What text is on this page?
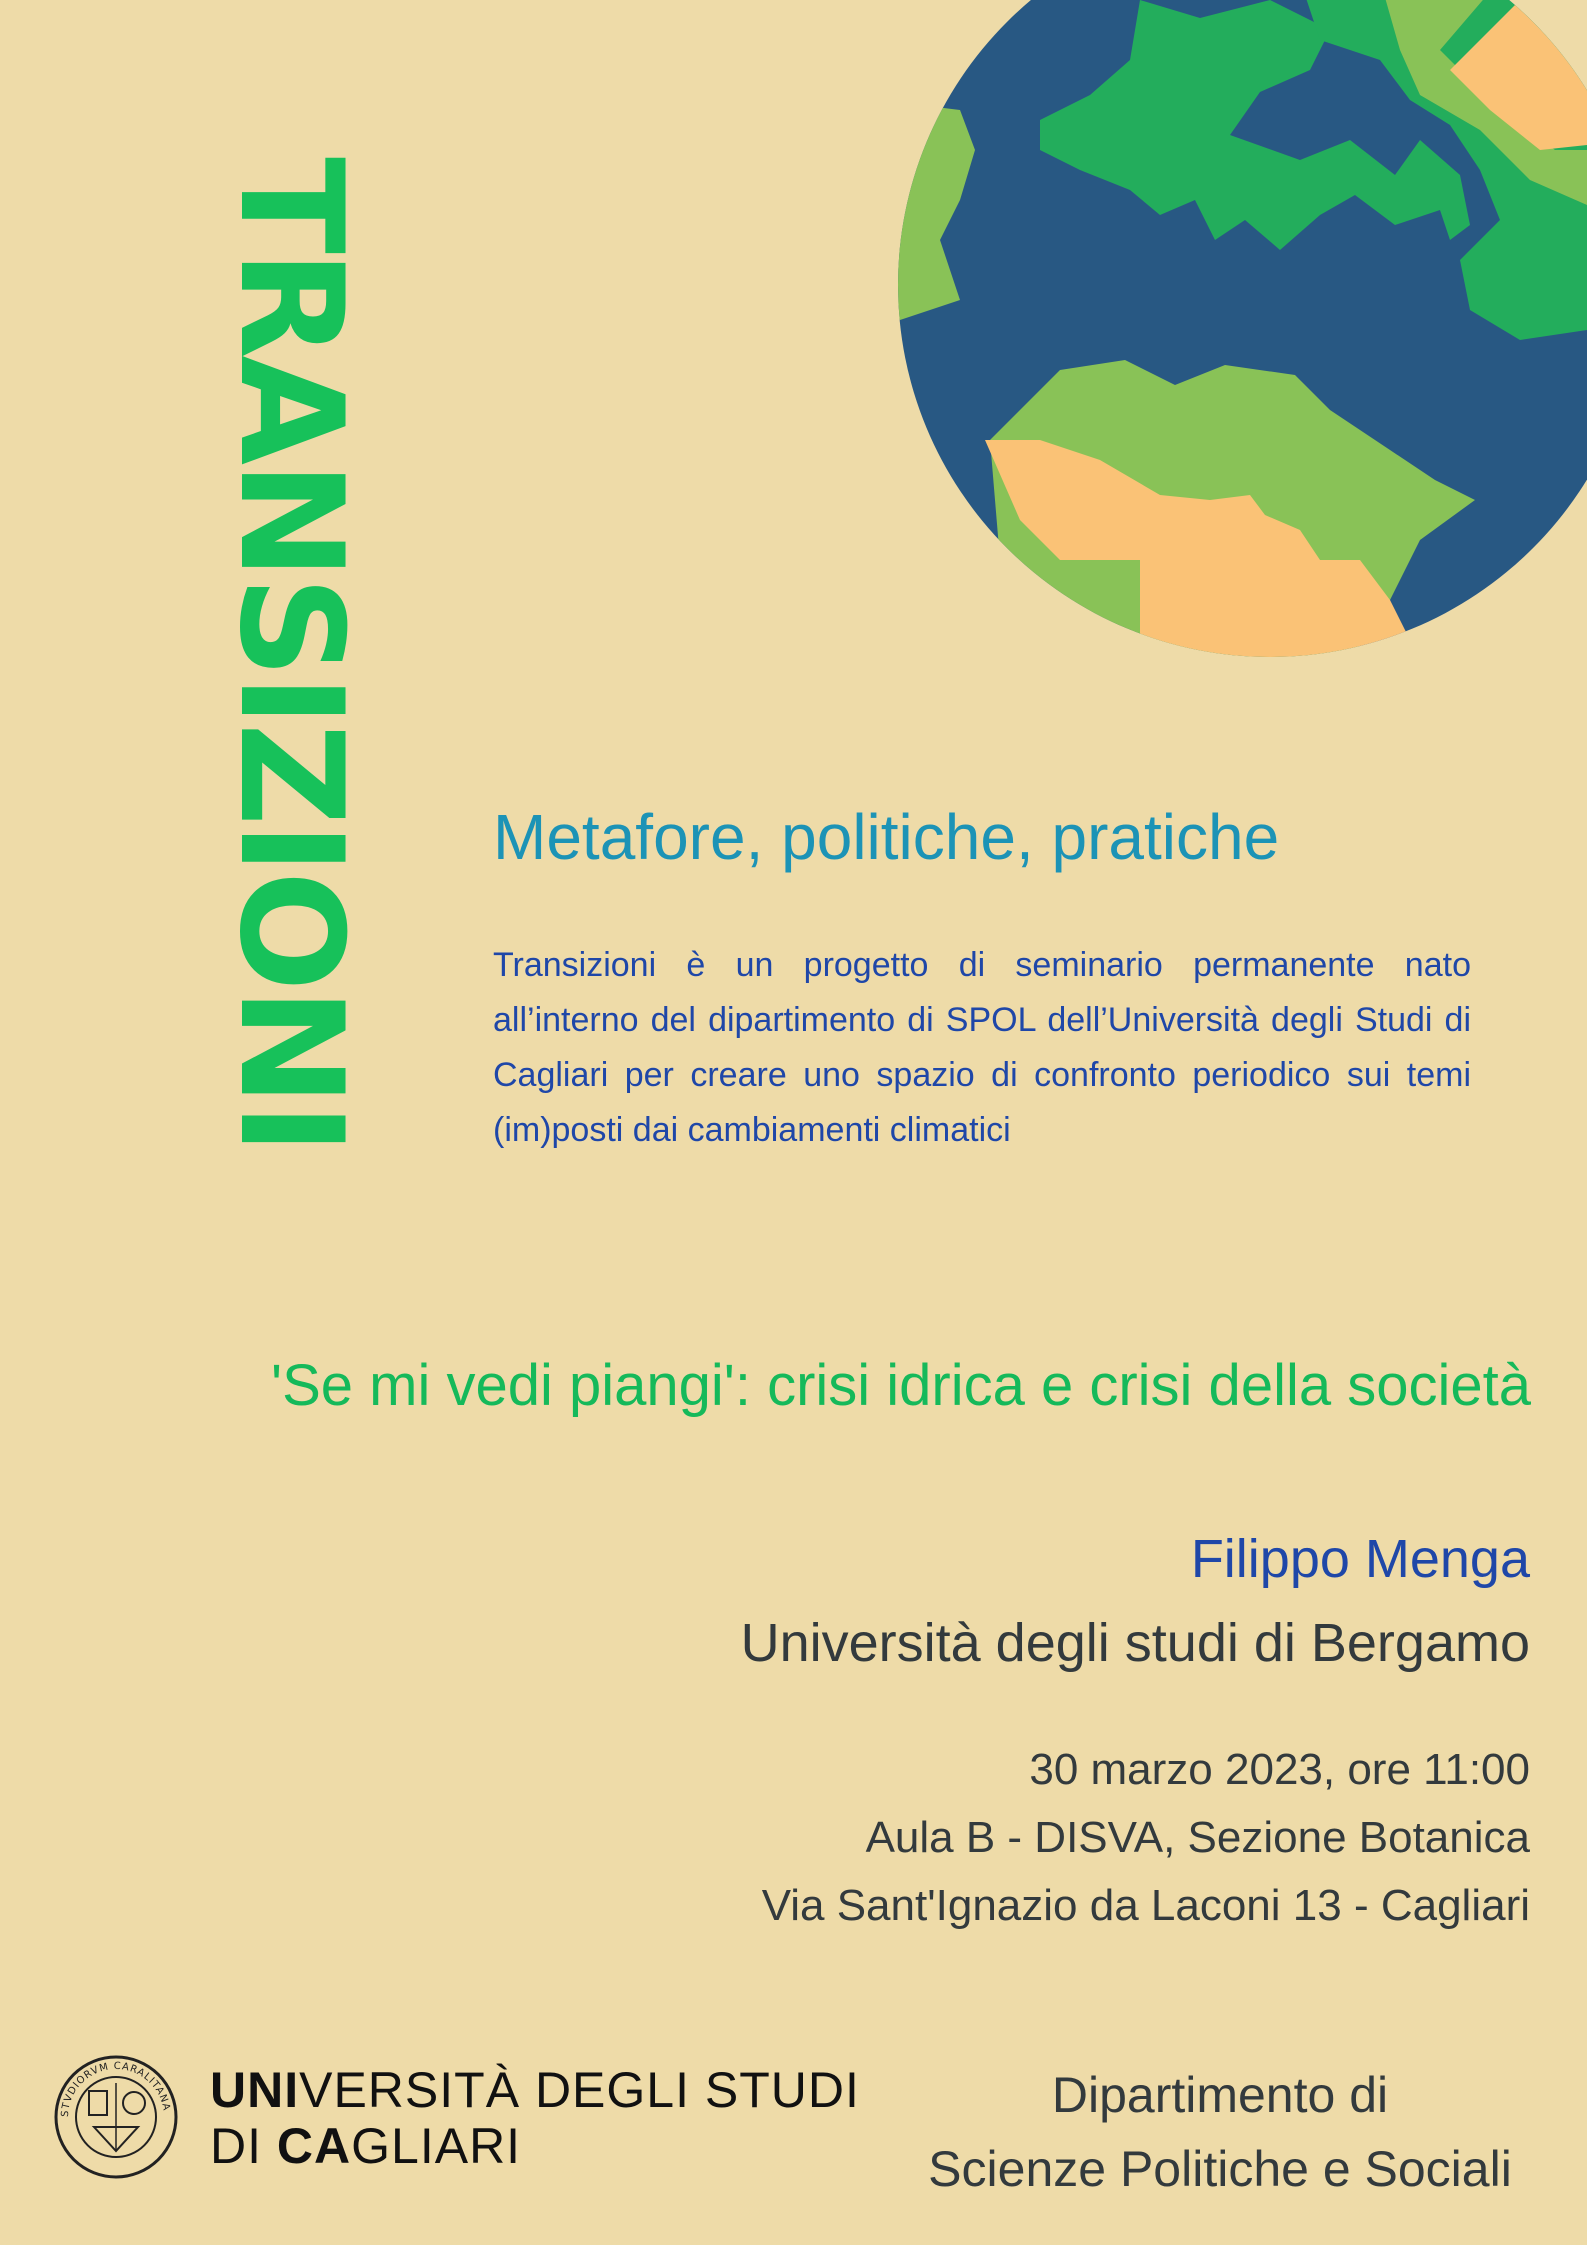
TRANSIZIONI Metafore, politiche, pratiche
Transizioni è un progetto di seminario permanente nato all’interno del dipartimento di SPOL dell’Università degli Studi di Cagliari per creare uno spazio di confronto periodico sui temi (im)posti dai cambiamenti climatici
'Se mi vedi piangi': crisi idrica e crisi della società
Filippo Menga
Università degli studi di Bergamo
30 marzo 2023, ore 11:00
Aula B - DISVA, Sezione Botanica
Via Sant'Ignazio da Laconi 13 - Cagliari
STVDIORVM CARALITANA UNIVERSITÀ DEGLI STUDI
DI CAGLIARI
Dipartimento di
Scienze Politiche e Sociali
